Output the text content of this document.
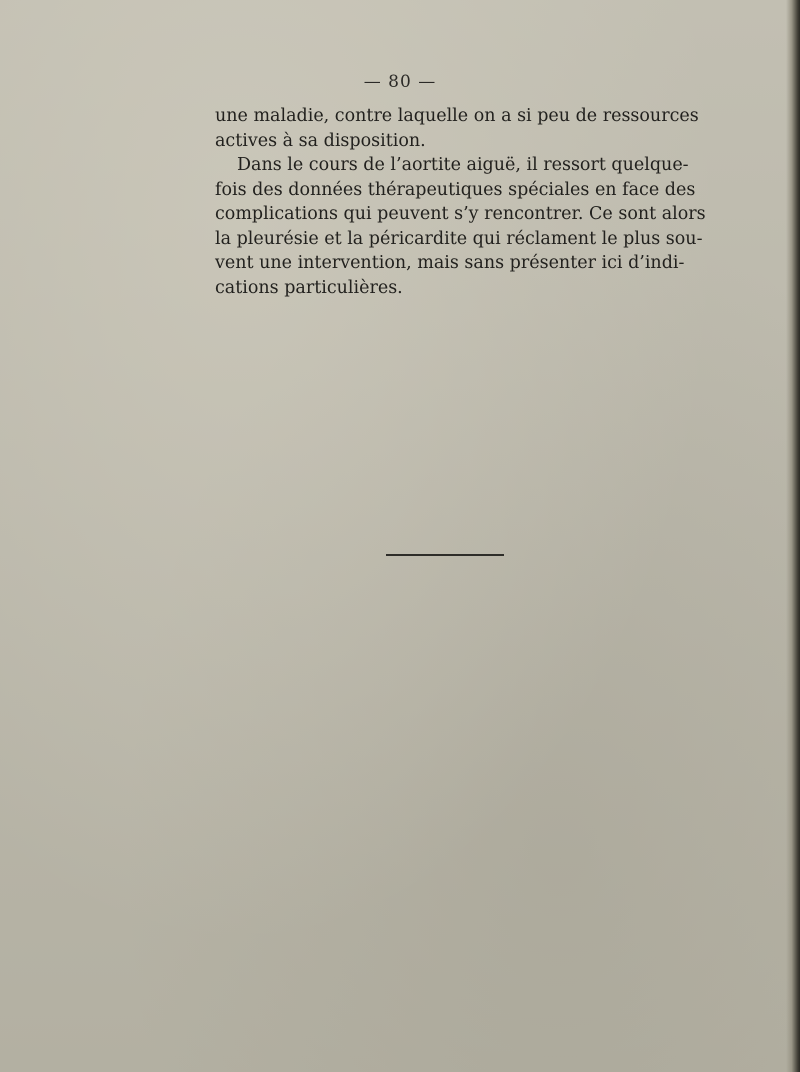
— 80 —
une maladie, contre laquelle on a si peu de ressources
actives à sa disposition.
Dans le cours de l’aortite aiguë, il ressort quelque-
fois des données thérapeutiques spéciales en face des
complications qui peuvent s’y rencontrer. Ce sont alors
la pleurésie et la péricardite qui réclament le plus sou-
vent une intervention, mais sans présenter ici d’indi-
cations particulières.
